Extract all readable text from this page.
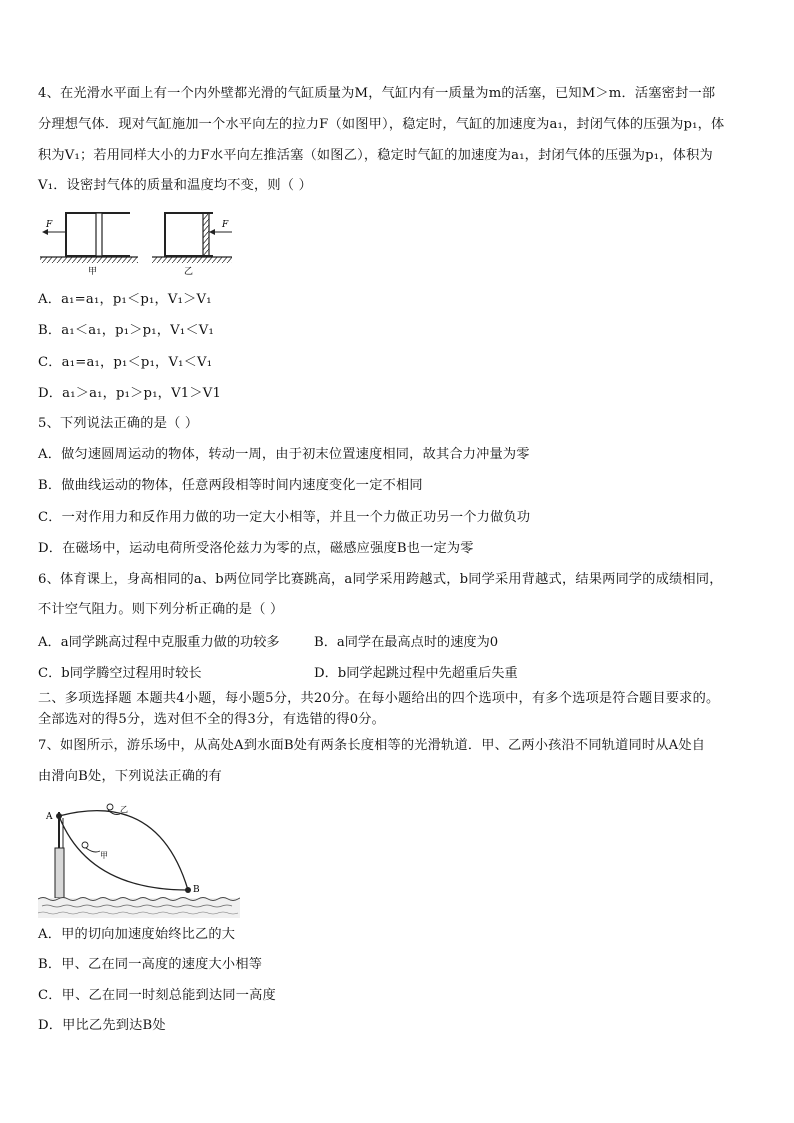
4、在光滑水平面上有一个内外壁都光滑的气缸质量为M，气缸内有一质量为m的活塞，已知M＞m．活塞密封一部
分理想气体．现对气缸施加一个水平向左的拉力F（如图甲），稳定时，气缸的加速度为a₁，封闭气体的压强为p₁，体
积为V₁；若用同样大小的力F水平向左推活塞（如图乙），稳定时气缸的加速度为a₁，封闭气体的压强为p₁，体积为
V₁．设密封气体的质量和温度均不变，则（ ）
F
甲
F
乙
A．a₁=a₁，p₁＜p₁，V₁＞V₁
B．a₁＜a₁，p₁＞p₁，V₁＜V₁
C．a₁=a₁，p₁＜p₁，V₁＜V₁
D．a₁＞a₁，p₁＞p₁，V1＞V1
5、下列说法正确的是（ ）
A．做匀速圆周运动的物体，转动一周，由于初末位置速度相同，故其合力冲量为零
B．做曲线运动的物体，任意两段相等时间内速度变化一定不相同
C．一对作用力和反作用力做的功一定大小相等，并且一个力做正功另一个力做负功
D．在磁场中，运动电荷所受洛伦兹力为零的点，磁感应强度B也一定为零
6、体育课上，身高相同的a、b两位同学比赛跳高，a同学采用跨越式，b同学采用背越式，结果两同学的成绩相同，
不计空气阻力。则下列分析正确的是（ ）
A．a同学跳高过程中克服重力做的功较多	B．a同学在最高点时的速度为0
C．b同学腾空过程用时较长	D．b同学起跳过程中先超重后失重
二、多项选择题 本题共4小题，每小题5分，共20分。在每小题给出的四个选项中，有多个选项是符合题目要求的。
全部选对的得5分，选对但不全的得3分，有选错的得0分。
7、如图所示，游乐场中，从高处A到水面B处有两条长度相等的光滑轨道．甲、乙两小孩沿不同轨道同时从A处自
由滑向B处，下列说法正确的有
A
B
乙
甲
A．甲的切向加速度始终比乙的大
B．甲、乙在同一高度的速度大小相等
C．甲、乙在同一时刻总能到达同一高度
D．甲比乙先到达B处
